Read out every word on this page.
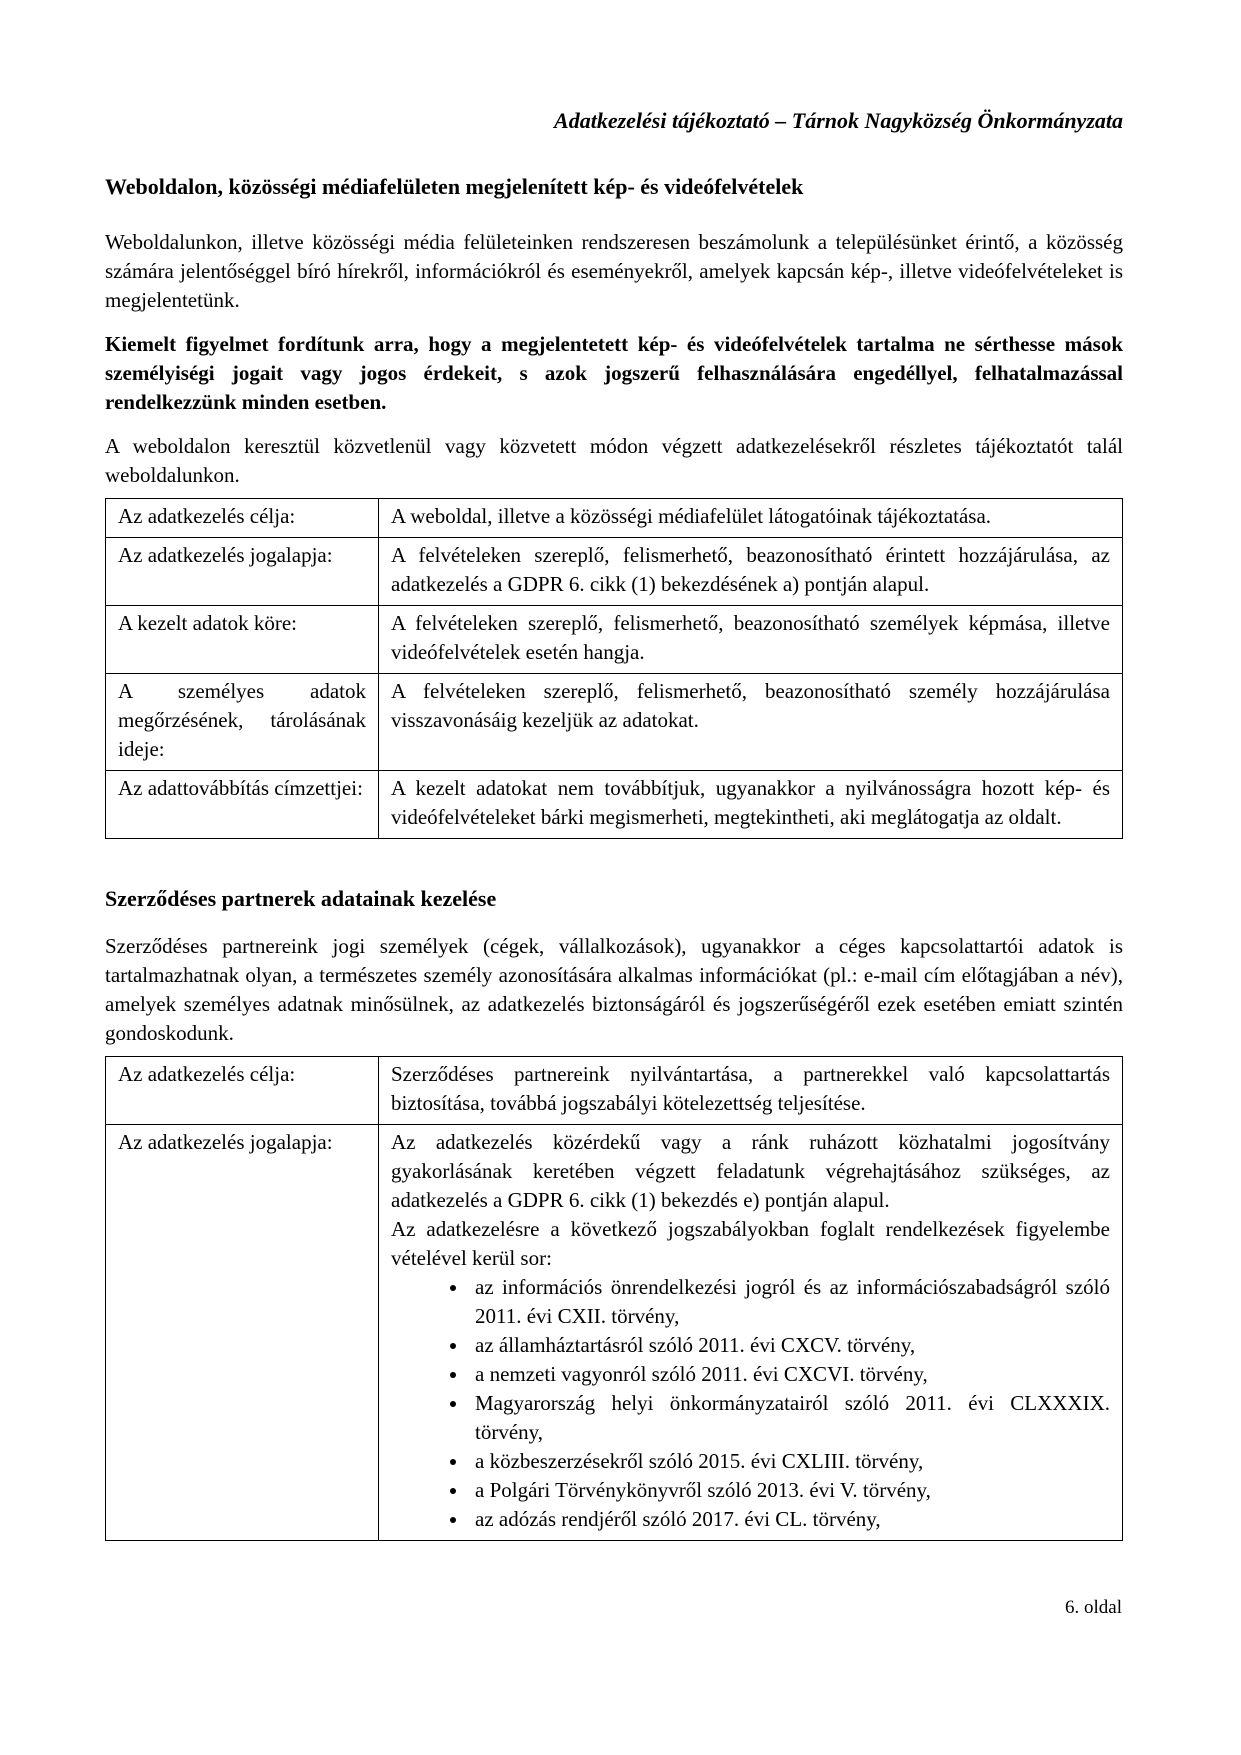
Adatkezelési tájékoztató – Tárnok Nagyközség Önkormányzata
Weboldalon, közösségi médiafelületen megjelenített kép- és videófelvételek

Weboldalunkon, illetve közösségi média felületeinken rendszeresen beszámolunk a településünket érintő, a közösség számára jelentőséggel bíró hírekről, információkról és eseményekről, amelyek kapcsán kép-, illetve videófelvételeket is megjelentetünk.

Kiemelt figyelmet fordítunk arra, hogy a megjelentetett kép- és videófelvételek tartalma ne sérthesse mások személyiségi jogait vagy jogos érdekeit, s azok jogszerű felhasználására engedéllyel, felhatalmazással rendelkezzünk minden esetben.

A weboldalon keresztül közvetlenül vagy közvetett módon végzett adatkezelésekről részletes tájékoztatót talál weboldalunkon.

Az adatkezelés célja:	A weboldal, illetve a közösségi médiafelület látogatóinak tájékoztatása.
Az adatkezelés jogalapja:	A felvételeken szereplő, felismerhető, beazonosítható érintett hozzájárulása, az adatkezelés a GDPR 6. cikk (1) bekezdésének a) pontján alapul.
A kezelt adatok köre:	A felvételeken szereplő, felismerhető, beazonosítható személyek képmása, illetve videófelvételek esetén hangja.
A személyes adatok megőrzésének, tárolásának ideje:	A felvételeken szereplő, felismerhető, beazonosítható személy hozzájárulása visszavonásáig kezeljük az adatokat.
Az adattovábbítás címzettjei:	A kezelt adatokat nem továbbítjuk, ugyanakkor a nyilvánosságra hozott kép- és videófelvételeket bárki megismerheti, megtekintheti, aki meglátogatja az oldalt.
Szerződéses partnerek adatainak kezelése

Szerződéses partnereink jogi személyek (cégek, vállalkozások), ugyanakkor a céges kapcsolattartói adatok is tartalmazhatnak olyan, a természetes személy azonosítására alkalmas információkat (pl.: e-mail cím előtagjában a név), amelyek személyes adatnak minősülnek, az adatkezelés biztonságáról és jogszerűségéről ezek esetében emiatt szintén gondoskodunk.

Az adatkezelés célja:	Szerződéses partnereink nyilvántartása, a partnerekkel való kapcsolattartás biztosítása, továbbá jogszabályi kötelezettség teljesítése.
Az adatkezelés jogalapja:	Az adatkezelés közérdekű vagy a ránk ruházott közhatalmi jogosítvány gyakorlásának keretében végzett feladatunk végrehajtásához szükséges, az adatkezelés a GDPR 6. cikk (1) bekezdés e) pontján alapul.

Az adatkezelésre a következő jogszabályokban foglalt rendelkezések figyelembe vételével kerül sor:

• az információs önrendelkezési jogról és az információszabadságról szóló 2011. évi CXII. törvény,
• az államháztartásról szóló 2011. évi CXCV. törvény,
• a nemzeti vagyonról szóló 2011. évi CXCVI. törvény,
• Magyarország helyi önkormányzatairól szóló 2011. évi CLXXXIX. törvény,
• a közbeszerzésekről szóló 2015. évi CXLIII. törvény,
• a Polgári Törvénykönyvről szóló 2013. évi V. törvény,
• az adózás rendjéről szóló 2017. évi CL. törvény,
6. oldal
